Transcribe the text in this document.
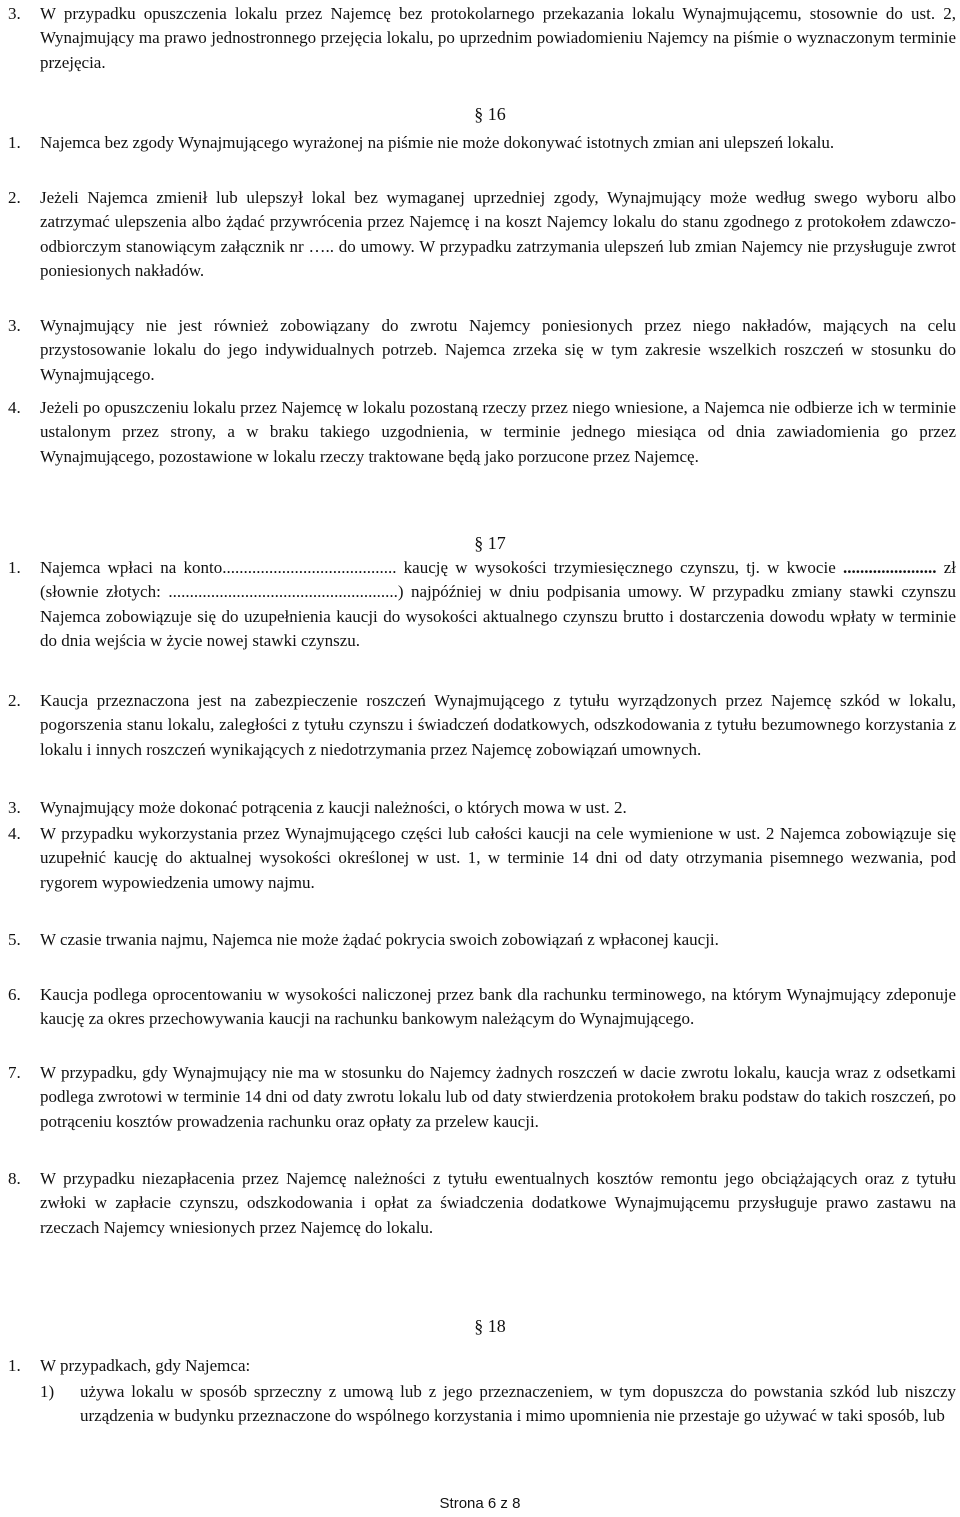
3. W przypadku opuszczenia lokalu przez Najemcę bez protokolarnego przekazania lokalu Wynajmującemu, stosownie do ust. 2, Wynajmujący ma prawo jednostronnego przejęcia lokalu, po uprzednim powiadomieniu Najemcy na piśmie o wyznaczonym terminie przejęcia.
§ 16
1. Najemca bez zgody Wynajmującego wyrażonej na piśmie nie może dokonywać istotnych zmian ani ulepszeń lokalu.
2. Jeżeli Najemca zmienił lub ulepszył lokal bez wymaganej uprzedniej zgody, Wynajmujący może według swego wyboru albo zatrzymać ulepszenia albo żądać przywrócenia przez Najemcę i na koszt Najemcy lokalu do stanu zgodnego z protokołem zdawczo-odbiorczym stanowiącym załącznik nr ….. do umowy. W przypadku zatrzymania ulepszeń lub zmian Najemcy nie przysługuje zwrot poniesionych nakładów.
3. Wynajmujący nie jest również zobowiązany do zwrotu Najemcy poniesionych przez niego nakładów, mających na celu przystosowanie lokalu do jego indywidualnych potrzeb. Najemca zrzeka się w tym zakresie wszelkich roszczeń w stosunku do Wynajmującego.
4. Jeżeli po opuszczeniu lokalu przez Najemcę w lokalu pozostaną rzeczy przez niego wniesione, a Najemca nie odbierze ich w terminie ustalonym przez strony, a w braku takiego uzgodnienia, w terminie jednego miesiąca od dnia zawiadomienia go przez Wynajmującego, pozostawione w lokalu rzeczy traktowane będą jako porzucone przez Najemcę.
§ 17
1. Najemca wpłaci na konto......................................... kaucję w wysokości trzymiesięcznego czynszu, tj. w kwocie ...................... zł (słownie złotych: ......................................................) najpóźniej w dniu podpisania umowy. W przypadku zmiany stawki czynszu Najemca zobowiązuje się do uzupełnienia kaucji do wysokości aktualnego czynszu brutto i dostarczenia dowodu wpłaty w terminie do dnia wejścia w życie nowej stawki czynszu.
2. Kaucja przeznaczona jest na zabezpieczenie roszczeń Wynajmującego z tytułu wyrządzonych przez Najemcę szkód w lokalu, pogorszenia stanu lokalu, zaległości z tytułu czynszu i świadczeń dodatkowych, odszkodowania z tytułu bezumownego korzystania z lokalu i innych roszczeń wynikających z niedotrzymania przez Najemcę zobowiązań umownych.
3. Wynajmujący może dokonać potrącenia z kaucji należności, o których mowa w ust. 2.
4. W przypadku wykorzystania przez Wynajmującego części lub całości kaucji na cele wymienione w ust. 2 Najemca zobowiązuje się uzupełnić kaucję do aktualnej wysokości określonej w ust. 1, w terminie 14 dni od daty otrzymania pisemnego wezwania, pod rygorem wypowiedzenia umowy najmu.
5. W czasie trwania najmu, Najemca nie może żądać pokrycia swoich zobowiązań z wpłaconej kaucji.
6. Kaucja podlega oprocentowaniu w wysokości naliczonej przez bank dla rachunku terminowego, na którym Wynajmujący zdeponuje kaucję za okres przechowywania kaucji na rachunku bankowym należącym do Wynajmującego.
7. W przypadku, gdy Wynajmujący nie ma w stosunku do Najemcy żadnych roszczeń w dacie zwrotu lokalu, kaucja wraz z odsetkami podlega zwrotowi w terminie 14 dni od daty zwrotu lokalu lub od daty stwierdzenia protokołem braku podstaw do takich roszczeń, po potrąceniu kosztów prowadzenia rachunku oraz opłaty za przelew kaucji.
8. W przypadku niezapłacenia przez Najemcę należności z tytułu ewentualnych kosztów remontu jego obciążających oraz z tytułu zwłoki w zapłacie czynszu, odszkodowania i opłat za świadczenia dodatkowe Wynajmującemu przysługuje prawo zastawu na rzeczach Najemcy wniesionych przez Najemcę do lokalu.
§ 18
1. W przypadkach, gdy Najemca:
1) używa lokalu w sposób sprzeczny z umową lub z jego przeznaczeniem, w tym dopuszcza do powstania szkód lub niszczy urządzenia w budynku przeznaczone do wspólnego korzystania i mimo upomnienia nie przestaje go używać w taki sposób, lub
Strona 6 z 8
